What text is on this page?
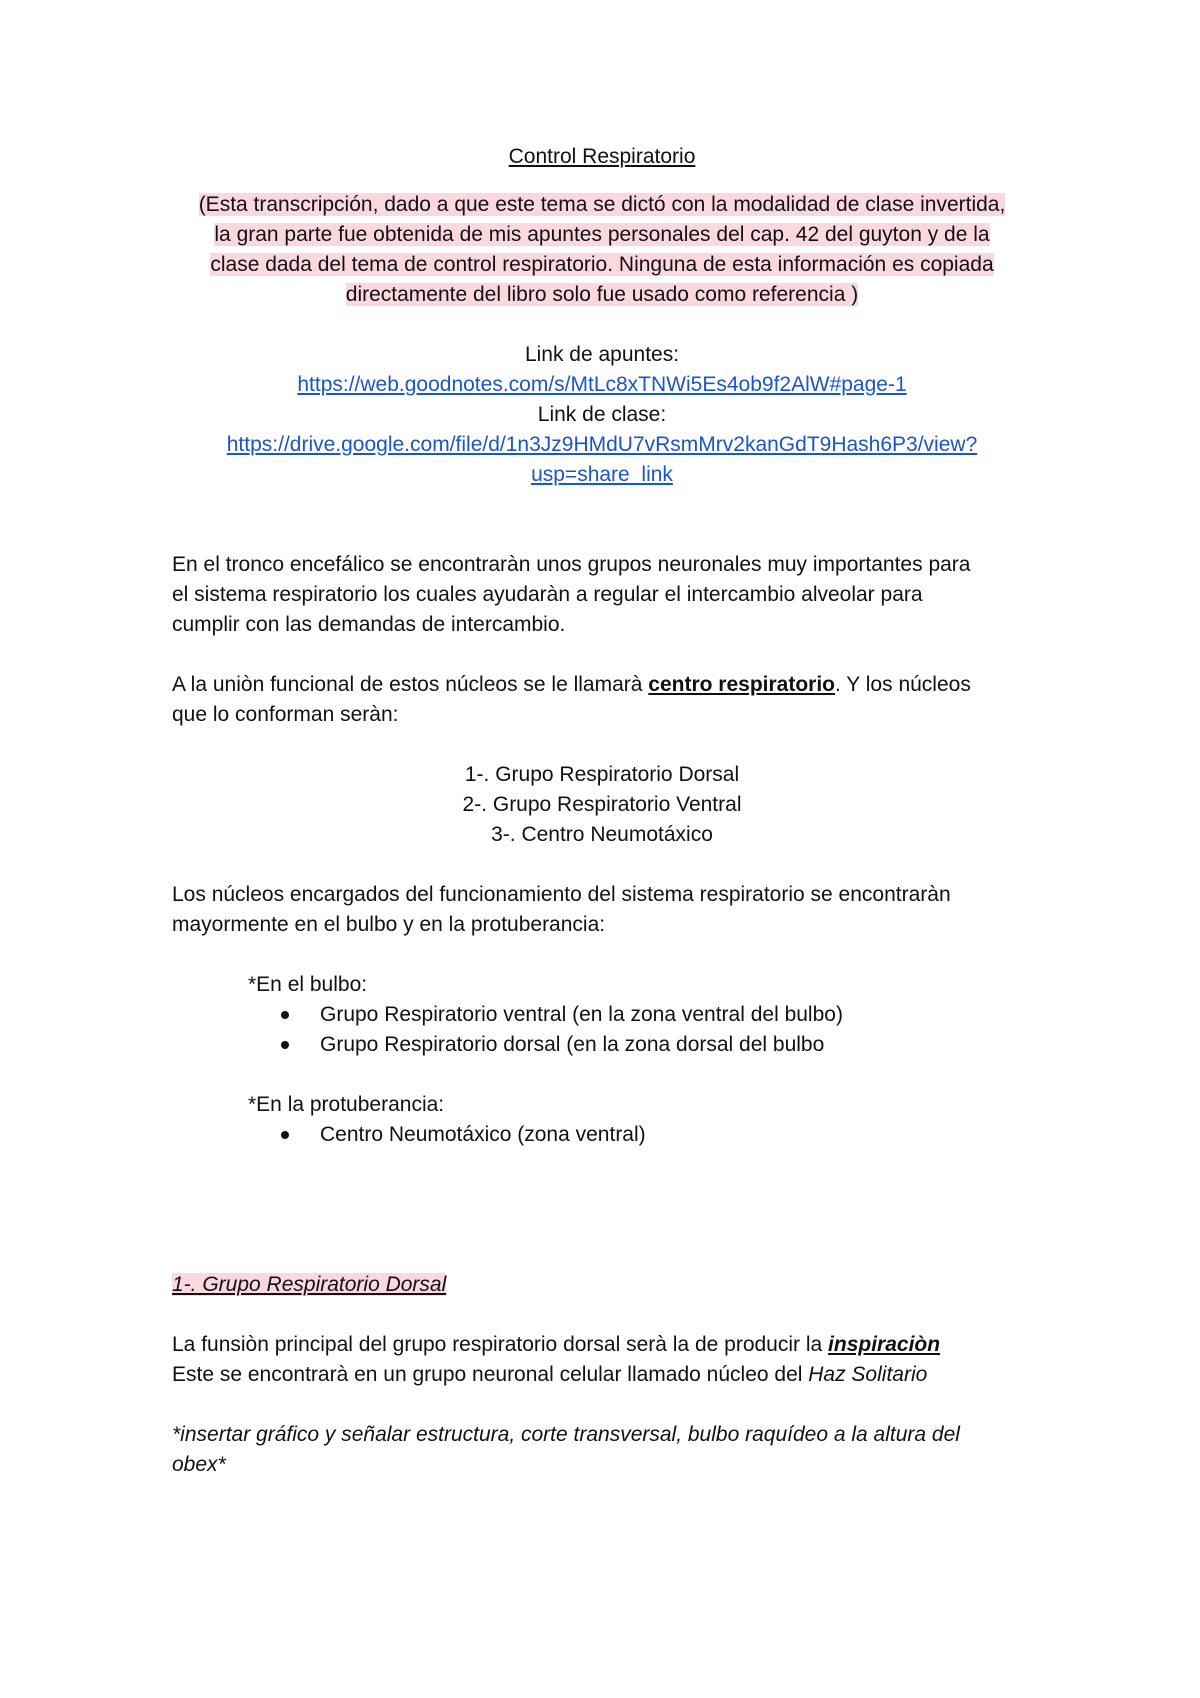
Control Respiratorio
(Esta transcripción, dado a que este tema se dictó con la modalidad de clase invertida,
la gran parte fue obtenida de mis apuntes personales del cap. 42 del guyton y de la
clase dada del tema de control respiratorio. Ninguna de esta información es copiada
directamente del libro solo fue usado como referencia )

Link de apuntes:

https://web.goodnotes.com/s/MtLc8xTNWi5Es4ob9f2AlW#page-1

Link de clase:

https://drive.google.com/file/d/1n3Jz9HMdU7vRsmMrv2kanGdT9Hash6P3/view?
usp=share_link

En el tronco encefálico se encontraràn unos grupos neuronales muy importantes para
el sistema respiratorio los cuales ayudaràn a regular el intercambio alveolar para
cumplir con las demandas de intercambio.
A la uniòn funcional de estos núcleos se le llamarà centro respiratorio. Y los núcleos
que lo conforman seràn:
1-. Grupo Respiratorio Dorsal
2-. Grupo Respiratorio Ventral
3-. Centro Neumotáxico
Los núcleos encargados del funcionamiento del sistema respiratorio se encontraràn
mayormente en el bulbo y en la protuberancia:
*En el bulbo:
Grupo Respiratorio ventral (en la zona ventral del bulbo)
Grupo Respiratorio dorsal (en la zona dorsal del bulbo
*En la protuberancia:
Centro Neumotáxico (zona ventral)
1-. Grupo Respiratorio Dorsal
La funsiòn principal del grupo respiratorio dorsal serà la de producir la inspiraciòn
Este se encontrarà en un grupo neuronal celular llamado núcleo del Haz Solitario
*insertar gráfico y señalar estructura, corte transversal, bulbo raquídeo a la altura del
obex*
